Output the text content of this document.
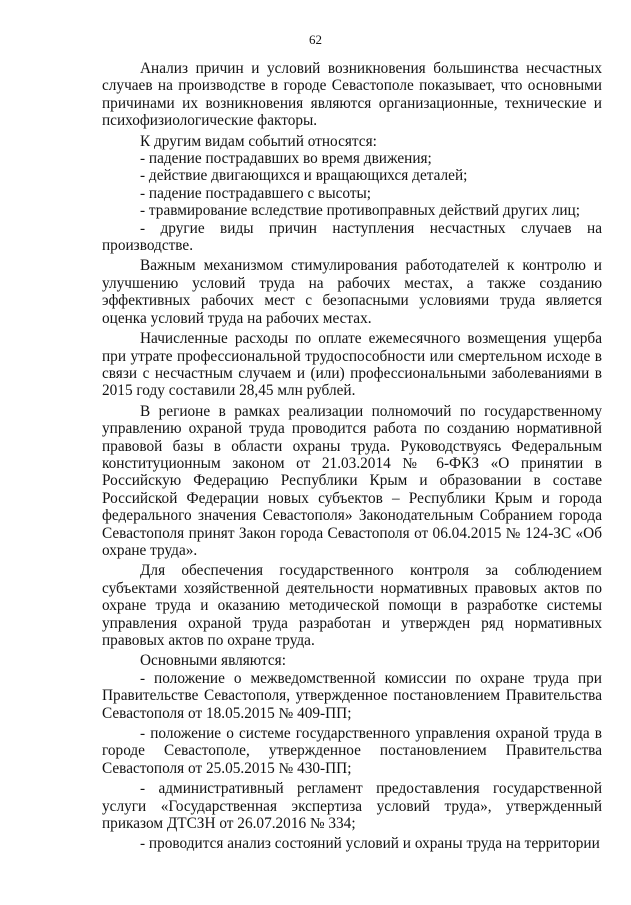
62

Анализ причин и условий возникновения большинства несчастных случаев на производстве в городе Севастополе показывает, что основными причинами их возникновения являются организационные, технические и психофизиологические факторы.

К другим видам событий относятся:

- падение пострадавших во время движения;

- действие двигающихся и вращающихся деталей;

- падение пострадавшего с высоты;

- травмирование вследствие противоправных действий других лиц;

- другие виды причин наступления несчастных случаев на производстве.

Важным механизмом стимулирования работодателей к контролю и улучшению условий труда на рабочих местах, а также созданию эффективных рабочих мест с безопасными условиями труда является оценка условий труда на рабочих местах.

Начисленные расходы по оплате ежемесячного возмещения ущерба при утрате профессиональной трудоспособности или смертельном исходе в связи с несчастным случаем и (или) профессиональными заболеваниями в 2015 году составили 28,45 млн рублей.

В регионе в рамках реализации полномочий по государственному управлению охраной труда проводится работа по созданию нормативной правовой базы в области охраны труда. Руководствуясь Федеральным конституционным законом от 21.03.2014 № 6-ФКЗ «О принятии в Российскую Федерацию Республики Крым и образовании в составе Российской Федерации новых субъектов – Республики Крым и города федерального значения Севастополя» Законодательным Собранием города Севастополя принят Закон города Севастополя от 06.04.2015 № 124-ЗС «Об охране труда».

Для обеспечения государственного контроля за соблюдением субъектами хозяйственной деятельности нормативных правовых актов по охране труда и оказанию методической помощи в разработке системы управления охраной труда разработан и утвержден ряд нормативных правовых актов по охране труда.

Основными являются:

- положение о межведомственной комиссии по охране труда при Правительстве Севастополя, утвержденное постановлением Правительства Севастополя от 18.05.2015 № 409-ПП;

- положение о системе государственного управления охраной труда в городе Севастополе, утвержденное постановлением Правительства Севастополя от 25.05.2015 № 430-ПП;

- административный регламент предоставления государственной услуги «Государственная экспертиза условий труда», утвержденный приказом ДТСЗН от 26.07.2016 № 334;

- проводится анализ состояний условий и охраны труда на территории
